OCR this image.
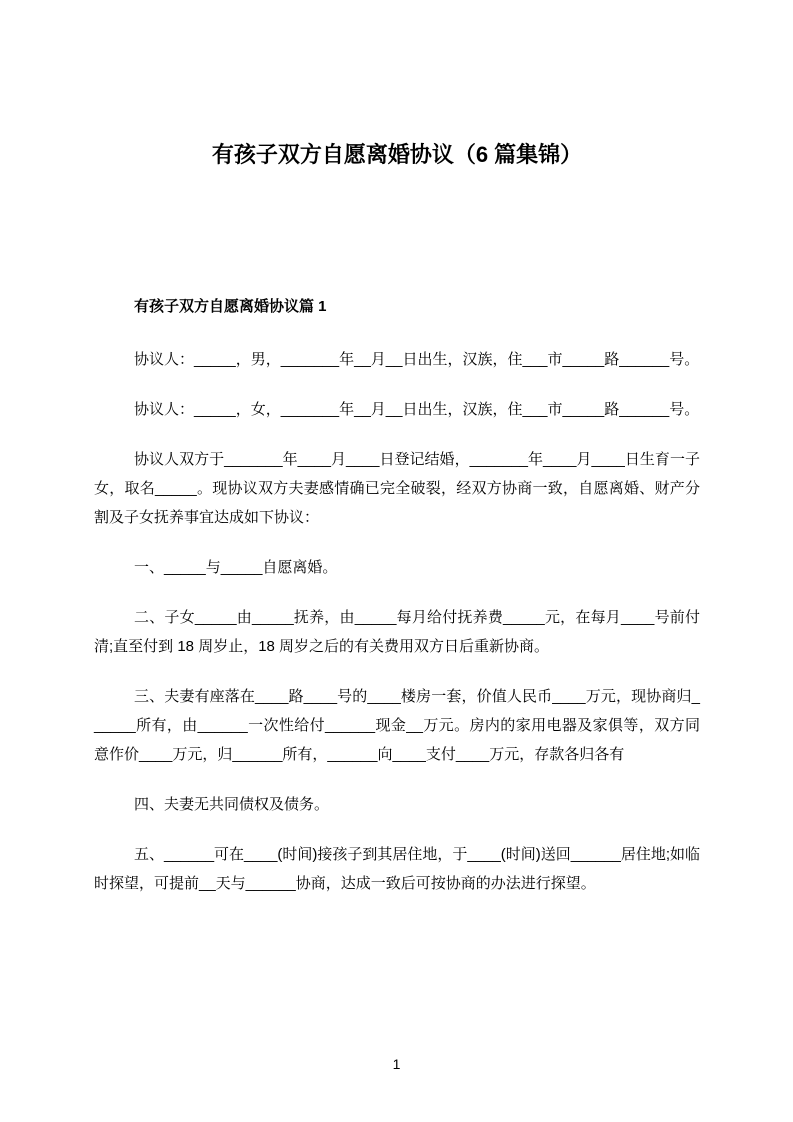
有孩子双方自愿离婚协议（6 篇集锦）
有孩子双方自愿离婚协议篇 1

协议人：_____，男，_______年__月__日出生，汉族，住___市_____路______号。

协议人：_____，女，_______年__月__日出生，汉族，住___市_____路______号。

协议人双方于_______年____月____日登记结婚，_______年____月____日生育一子女，取名_____。现协议双方夫妻感情确已完全破裂，经双方协商一致，自愿离婚、财产分割及子女抚养事宜达成如下协议：

一、_____与_____自愿离婚。

二、子女_____由_____抚养，由_____每月给付抚养费_____元，在每月____号前付清;直至付到 18 周岁止，18 周岁之后的有关费用双方日后重新协商。

三、夫妻有座落在____路____号的____楼房一套，价值人民币____万元，现协商归______所有，由______一次性给付______现金__万元。房内的家用电器及家俱等，双方同意作价____万元，归______所有，______向____支付____万元，存款各归各有

四、夫妻无共同债权及债务。

五、______可在____(时间)接孩子到其居住地，于____(时间)送回______居住地;如临时探望，可提前__天与______协商，达成一致后可按协商的办法进行探望。

1
